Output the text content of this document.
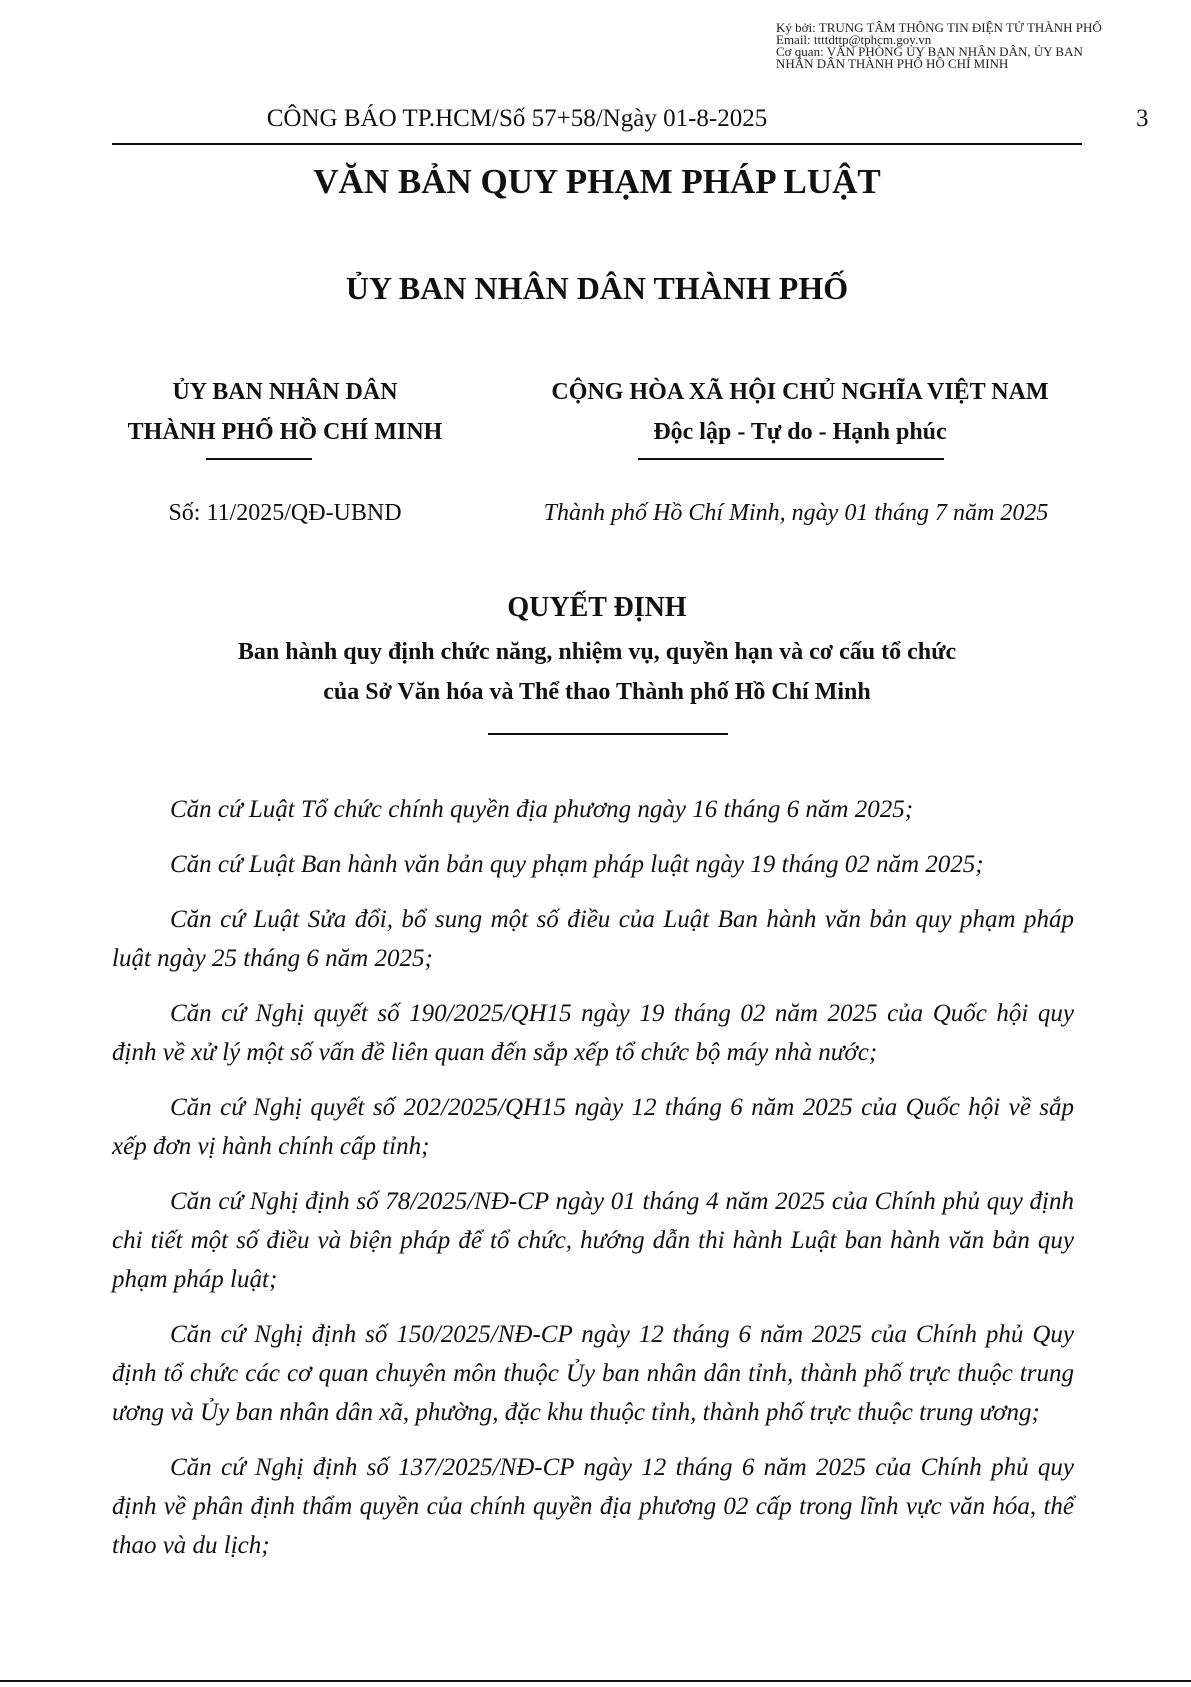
Ký bởi: TRUNG TÂM THÔNG TIN ĐIỆN TỬ THÀNH PHỐ
Email: ttttdttp@tphcm.gov.vn
Cơ quan: VĂN PHÒNG ỦY BAN NHÂN DÂN, ỦY BAN NHÂN DÂN THÀNH PHỐ HỒ CHÍ MINH
CÔNG BÁO TP.HCM/Số 57+58/Ngày 01-8-2025	3
VĂN BẢN QUY PHẠM PHÁP LUẬT
ỦY BAN NHÂN DÂN THÀNH PHỐ
ỦY BAN NHÂN DÂN
THÀNH PHỐ HỒ CHÍ MINH
CỘNG HÒA XÃ HỘI CHỦ NGHĨA VIỆT NAM
Độc lập - Tự do - Hạnh phúc
Số: 11/2025/QĐ-UBND	Thành phố Hồ Chí Minh, ngày 01 tháng 7 năm 2025
QUYẾT ĐỊNH
Ban hành quy định chức năng, nhiệm vụ, quyền hạn và cơ cấu tổ chức
của Sở Văn hóa và Thể thao Thành phố Hồ Chí Minh

Căn cứ Luật Tổ chức chính quyền địa phương ngày 16 tháng 6 năm 2025;

Căn cứ Luật Ban hành văn bản quy phạm pháp luật ngày 19 tháng 02 năm 2025;

Căn cứ Luật Sửa đổi, bổ sung một số điều của Luật Ban hành văn bản quy phạm pháp luật ngày 25 tháng 6 năm 2025;

Căn cứ Nghị quyết số 190/2025/QH15 ngày 19 tháng 02 năm 2025 của Quốc hội quy định về xử lý một số vấn đề liên quan đến sắp xếp tổ chức bộ máy nhà nước;

Căn cứ Nghị quyết số 202/2025/QH15 ngày 12 tháng 6 năm 2025 của Quốc hội về sắp xếp đơn vị hành chính cấp tỉnh;

Căn cứ Nghị định số 78/2025/NĐ-CP ngày 01 tháng 4 năm 2025 của Chính phủ quy định chi tiết một số điều và biện pháp để tổ chức, hướng dẫn thi hành Luật ban hành văn bản quy phạm pháp luật;

Căn cứ Nghị định số 150/2025/NĐ-CP ngày 12 tháng 6 năm 2025 của Chính phủ Quy định tổ chức các cơ quan chuyên môn thuộc Ủy ban nhân dân tỉnh, thành phố trực thuộc trung ương và Ủy ban nhân dân xã, phường, đặc khu thuộc tỉnh, thành phố trực thuộc trung ương;

Căn cứ Nghị định số 137/2025/NĐ-CP ngày 12 tháng 6 năm 2025 của Chính phủ quy định về phân định thẩm quyền của chính quyền địa phương 02 cấp trong lĩnh vực văn hóa, thể thao và du lịch;
